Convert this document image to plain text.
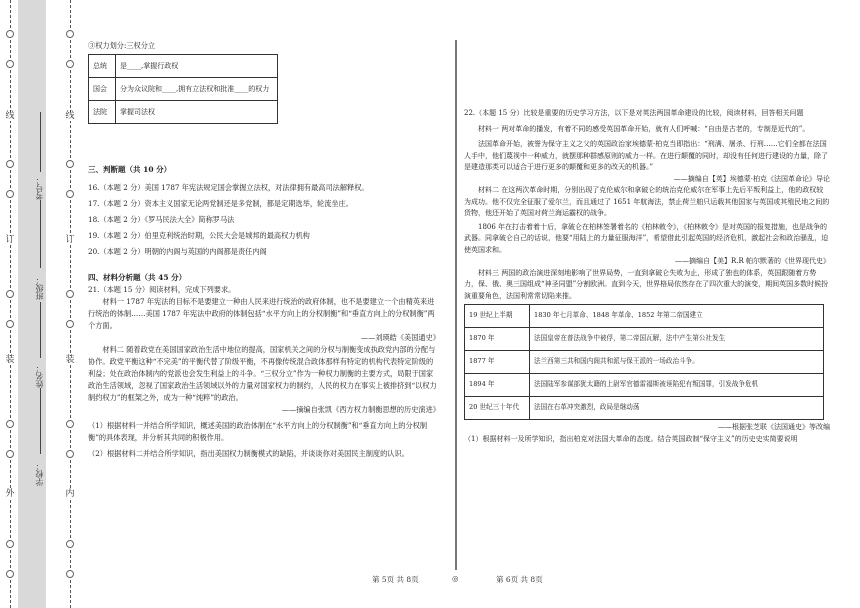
线
订
装
外
线
订
装
内
学校：
姓名：
班级：
考号：

③权力划分:三权分立

总统	是____,掌握行政权
国会	分为众议院和____,拥有立法权和批准____的权力
法院	掌握司法权

三、判断题（共 10 分）

16.（本题 2 分）美国 1787 年宪法规定国会掌握立法权，对法律拥有最高司法解释权。

17.（本题 2 分）资本主义国家无论两党制还是多党制，都是定期选举，轮流坐庄。

18.（本题 2 分）《罗马民法大全》简称罗马法

19.（本题 2 分）伯里克利统治时期，公民大会是城邦的最高权力机构

20.（本题 2 分）明朝的内阁与英国的内阁都是责任内阁

四、材料分析题（共 45 分）

21.（本题 15 分）阅读材料，完成下列要求。

材料一 1787 年宪法的目标不是要建立一种由人民来进行统治的政府体制，也不是要建立一个由精英来进行统治的体制……美国 1787 年宪法中政府的体制包括“水平方向上的分权制衡”和“垂直方向上的分权制衡”两个方面。

——刘瑛皓《美国通史》

材料二 随着政党在美国国家政治生活中地位的提高，国家机关之间的分权与制衡变成执政党内部的分配与协作。政党平衡这种“不完美”的平衡代替了阶级平衡，不再像传统混合政体那样有特定的机构代表特定阶级的利益；处在政治体制内的党派也会发生利益上的斗争。“三权分立”作为一种权力制衡的主要方式，局限于国家政治生活领域，忽视了国家政治生活领域以外的力量对国家权力的制约，人民的权力在事实上被排挤到“以权力制约权力”的框架之外，成为一种“纯粹”的政治。

——摘编自张凯《西方权力制衡思想的历史演进》

（1）根据材料一并结合所学知识，概述美国的政治体制在“水平方向上的分权制衡”和“垂直方向上的分权制衡”的具体表现，并分析其共同的积极作用。

（2）根据材料二并结合所学知识，指出美国权力制衡模式的缺陷，并谈谈你对美国民主制度的认识。

22.（本题 15 分）比较是重要的历史学习方法，以下是对英法两国革命建设的比较，阅读材料，回答相关问题

材料一 两对革命的播发，有着不同的感受英国革命开始，就有人们呼喊：“自由是古老的，专制是近代的”。

法国革命开始，被誉为保守主义之父的英国政治家埃德蒙·柏克当即指出：“刑满、屠杀、行刑……它们全都在法国人手中，他们蔑视中一种威力，就摆那种群感原则的威力一样。在进行颠覆的同时，却没有任何进行建设的力量，除了是建造那类可以适合于进行更多的颠覆和更多的改天的机器。”

——摘编自【英】埃德蒙·柏克《法国革命论》导论

材料二 在这两次革命时期，分别出现了克伦威尔和拿破仑的统治克伦威尔在军事上先后平叛利益上，他的政权较为成功。他不仅完全征服了爱尔兰，而且通过了 1651 年航海法，禁止荷兰舶只运载其他国家与英国或其殖民地之间的货物，他还开始了英国对荷兰海运霸权的战争。

1806 年在打击着着十后，拿破仑在柏林签署着名的《柏林敕令》，《柏林敕令》是对英国的报复措施，也是战争的武器。同拿破仑自己的话说，他要“用陆上的力量征服海洋”，希望借此引起英国的经济危机，激起社会和政治骚乱，迫使英国求和。

——摘编自【美】R.R 帕尔默著的《世界现代史》

材料三 两国的政治演进深刻地影响了世界局势，一直到拿破仑失败为止，形成了独也的体系，英国跟随着方势力，保、俄、奥三国组成“神圣同盟”分割欧洲。直到今天，世界格局依然存在了四次重大的演变，期间英国多数时候扮演重要角色，法国利常常切陷来推。

19 世纪上半期	1830 年七月革命、1848 年革命、1852 年第二帝国建立
1870 年	法国皇帝在普法战争中被俘，第二帝国瓦解，法中产生第公社发生
1877 年	法兰西第三共和国内阁共和派与保王派的一场政治斗争。
1894 年	法国陆军参谋部犹太籍的上尉军官德雷福斯被诬陷犯有叛国罪，引发战争危机
20 世纪三十年代	法国在右革冲突激烈，政局是继动荡

——根据张芝联《法国通史》等改编

（1）根据材料一及所学知识，指出柏克对法国大革命的态度。结合英国政制“保守主义”的历史史实简要说明

第 5页 共 8页	◎	第 6页 共 8页
